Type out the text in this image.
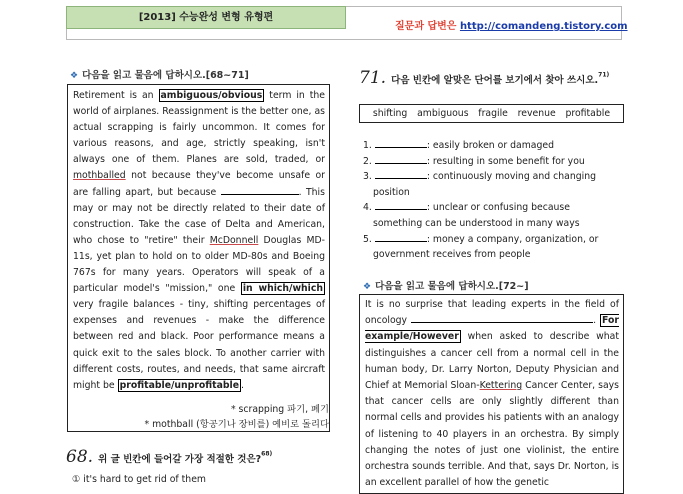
[2013] 수능완성 변형 유형편
질문과 답변은 http://comandeng.tistory.com
❖ 다음을 읽고 물음에 답하시오.[68~71]
Retirement is an ambiguous/obvious term in the world of airplanes. Reassignment is the better one, as actual scrapping is fairly uncommon. It comes for various reasons, and age, strictly speaking, isn't always one of them. Planes are sold, traded, or mothballed not because they've become unsafe or are falling apart, but because	. This may or may not be directly related to their date of construction. Take the case of Delta and American, who chose to "retire" their McDonnell Douglas MD-11s, yet plan to hold on to older MD-80s and Boeing 767s for many years. Operators will speak of a particular model's "mission," one in which/which very fragile balances - tiny, shifting percentages of expenses and revenues - make the difference between red and black. Poor performance means a quick exit to the sales block. To another carrier with different costs, routes, and needs, that same aircraft might be profitable/unprofitable .
* scrapping 파기, 폐기
* mothball (항공기나 장비를) 예비로 돌리다
68. 위 글 빈칸에 들어갈 가장 적절한 것은?$^{68)}$
① it's hard to get rid of them
71. 다음 빈칸에 알맞은 단어를 보기에서 찾아 쓰시오.$^{71)}$
shifting ambiguous fragile revenue profitable
1.	: easily broken or damaged
2.	: resulting in some benefit for you
3.	: continuously moving and changing
position
4.	: unclear or confusing because
something can be understood in many ways
5.	: money a company, organization, or
government receives from people
❖ 다음을 읽고 물음에 답하시오.[72~]
It is no surprise that leading experts in the field of oncology	. For example/However when asked to describe what distinguishes a cancer cell from a normal cell in the human body, Dr. Larry Norton, Deputy Physician and Chief at Memorial Sloan-Kettering Cancer Center, says that cancer cells are only slightly different than normal cells and provides his patients with an analogy of listening to 40 players in an orchestra. By simply changing the notes of just one violinist, the entire orchestra sounds terrible. And that, says Dr. Norton, is an excellent parallel of how the genetic
